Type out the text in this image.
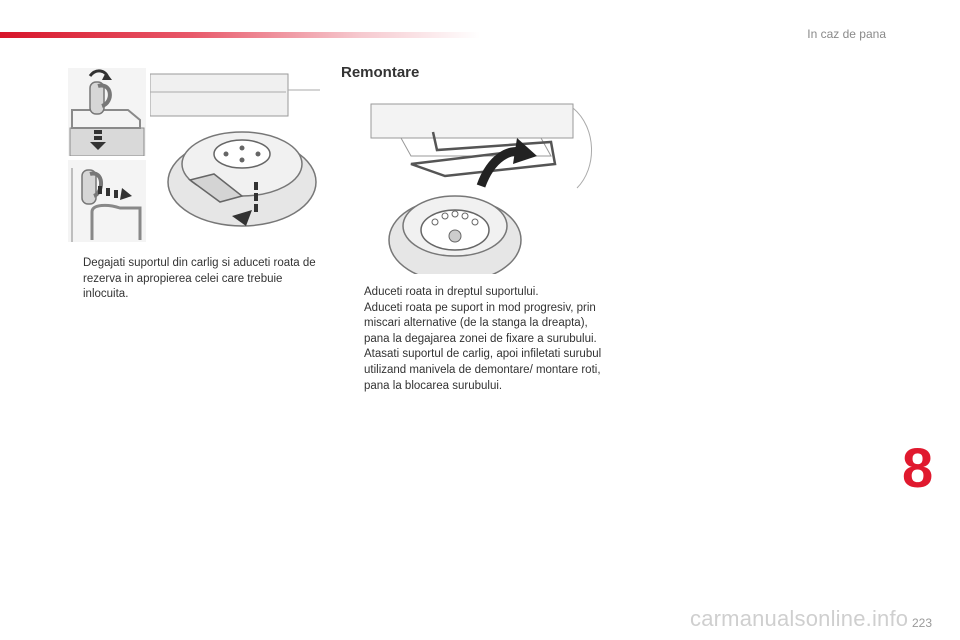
In caz de pana

Degajati suportul din carlig si aduceti roata de rezerva in apropierea celei care trebuie inlocuita.

Remontare

Aduceti roata in dreptul suportului.

Aduceti roata pe suport in mod progresiv, prin miscari alternative (de la stanga la dreapta), pana la degajarea zonei de fixare a surubului.

Atasati suportul de carlig, apoi infiletati surubul utilizand manivela de demontare/ montare roti, pana la blocarea surubului.

8
carmanualsonline.info 223
